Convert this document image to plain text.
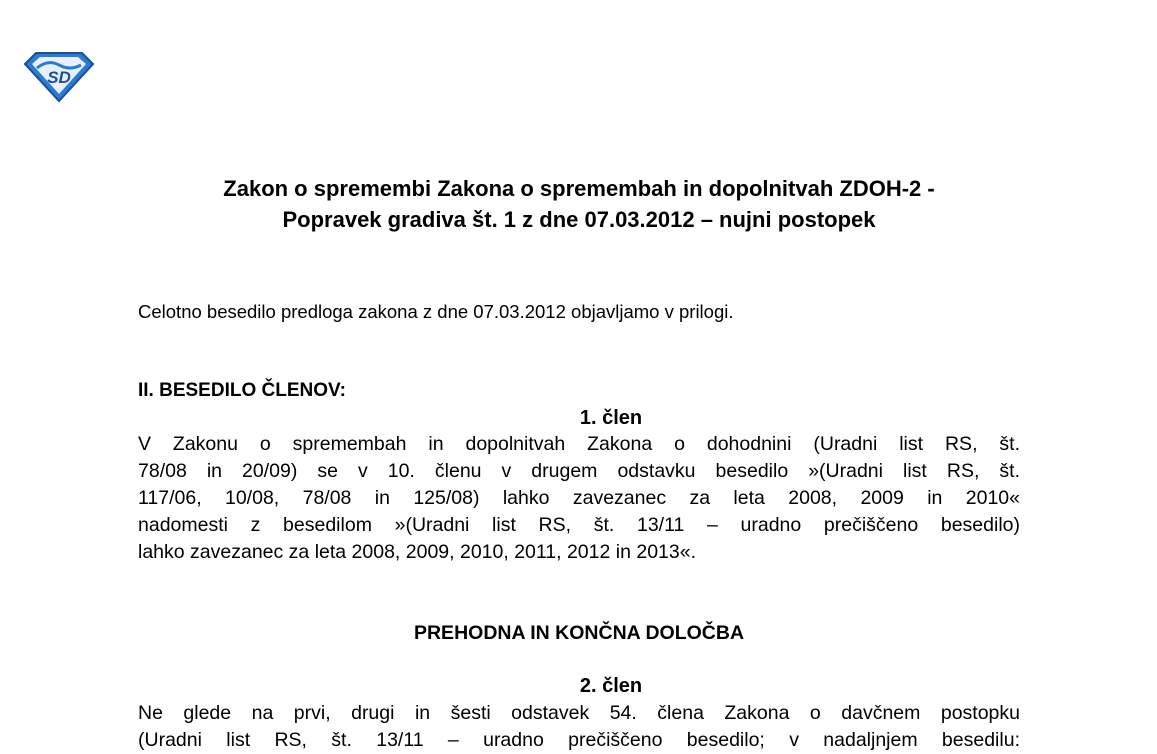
SD
Zakon o spremembi Zakona o spremembah in dopolnitvah ZDOH-2 -
Popravek gradiva št. 1 z dne 07.03.2012 – nujni postopek
Celotno besedilo predloga zakona z dne 07.03.2012 objavljamo v prilogi.
II. BESEDILO ČLENOV:
1. člen
V Zakonu o spremembah in dopolnitvah Zakona o dohodnini (Uradni list RS, št.
78/08 in 20/09) se v 10. členu v drugem odstavku besedilo »(Uradni list RS, št.
117/06, 10/08, 78/08 in 125/08) lahko zavezanec za leta 2008, 2009 in 2010«
nadomesti z besedilom »(Uradni list RS, št. 13/11 – uradno prečiščeno besedilo)
lahko zavezanec za leta 2008, 2009, 2010, 2011, 2012 in 2013«.
PREHODNA IN KONČNA DOLOČBA
2. člen
Ne glede na prvi, drugi in šesti odstavek 54. člena Zakona o davčnem postopku
(Uradni list RS, št. 13/11 – uradno prečiščeno besedilo; v nadaljnjem besedilu:
